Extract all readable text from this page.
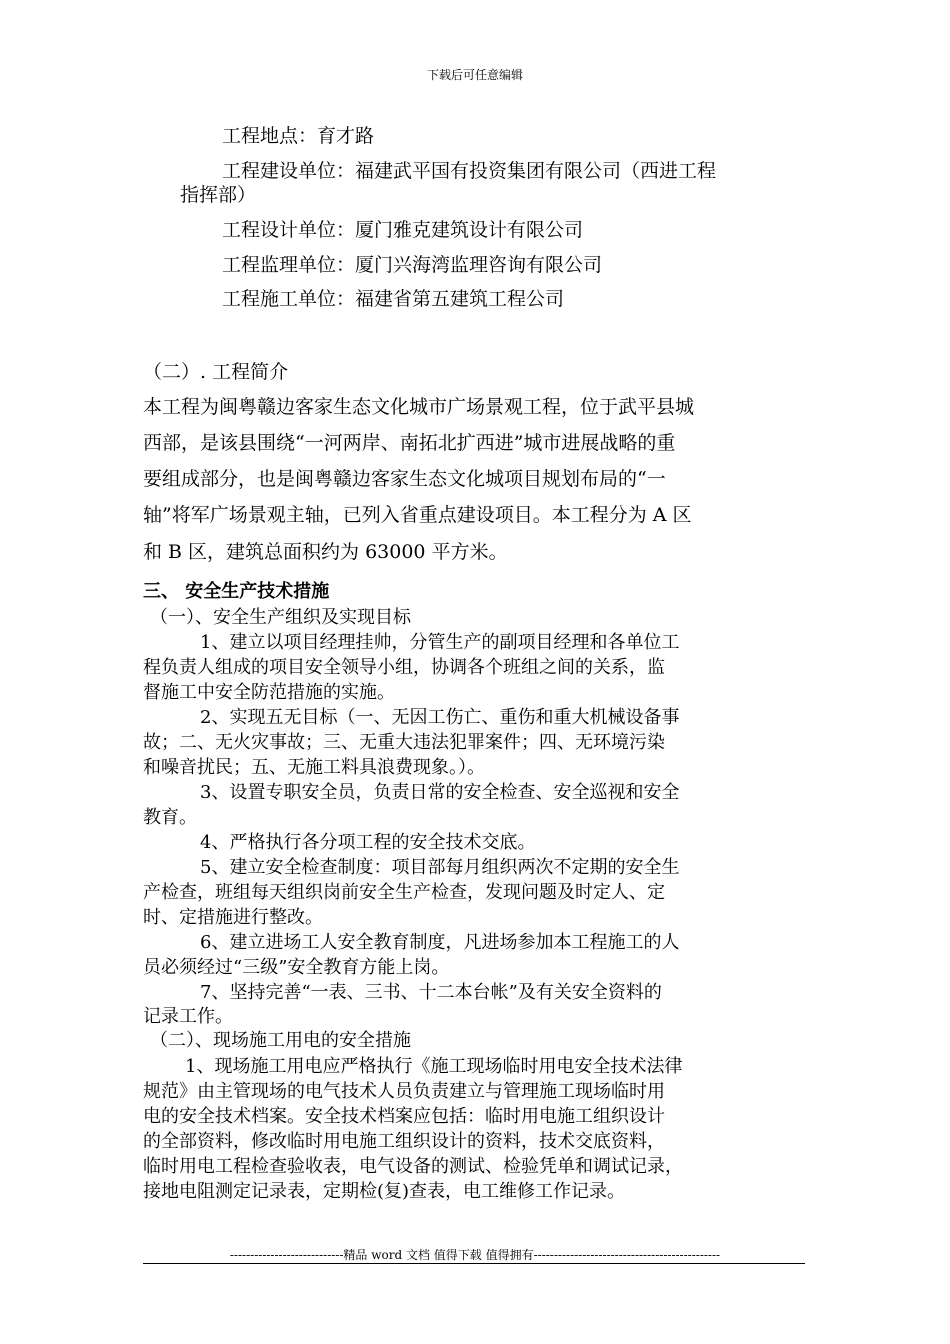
下载后可任意编辑
工程地点：育才路
工程建设单位：福建武平国有投资集团有限公司（西进工程
指挥部）
工程设计单位：厦门雅克建筑设计有限公司
工程监理单位：厦门兴海湾监理咨询有限公司
工程施工单位：福建省第五建筑工程公司
（二）. 工程简介
本工程为闽粤赣边客家生态文化城市广场景观工程，位于武平县城
西部，是该县围绕“一河两岸、南拓北扩西进”城市进展战略的重
要组成部分，也是闽粤赣边客家生态文化城项目规划布局的“一
轴”将军广场景观主轴，已列入省重点建设项目。本工程分为 A 区
和 B 区，建筑总面积约为 63000 平方米。
三、 安全生产技术措施
（一）、安全生产组织及实现目标
1、建立以项目经理挂帅，分管生产的副项目经理和各单位工
程负责人组成的项目安全领导小组，协调各个班组之间的关系，监
督施工中安全防范措施的实施。
2、实现五无目标（一、无因工伤亡、重伤和重大机械设备事
故；二、无火灾事故；三、无重大违法犯罪案件；四、无环境污染
和噪音扰民；五、无施工料具浪费现象。）。
3、设置专职安全员，负责日常的安全检查、安全巡视和安全
教育。
4、严格执行各分项工程的安全技术交底。
5、建立安全检查制度：项目部每月组织两次不定期的安全生
产检查，班组每天组织岗前安全生产检查，发现问题及时定人、定
时、定措施进行整改。
6、建立进场工人安全教育制度，凡进场参加本工程施工的人
员必须经过“三级”安全教育方能上岗。
7、坚持完善“一表、三书、十二本台帐”及有关安全资料的
记录工作。
（二）、现场施工用电的安全措施
1、现场施工用电应严格执行《施工现场临时用电安全技术法律
规范》由主管现场的电气技术人员负责建立与管理施工现场临时用
电的安全技术档案。安全技术档案应包括：临时用电施工组织设计
的全部资料，修改临时用电施工组织设计的资料，技术交底资料，
临时用电工程检查验收表，电气设备的测试、检验凭单和调试记录，
接地电阻测定记录表，定期检(复)查表，电工维修工作记录。
----------------------------精品 word 文档 值得下载 值得拥有----------------------------------------------
